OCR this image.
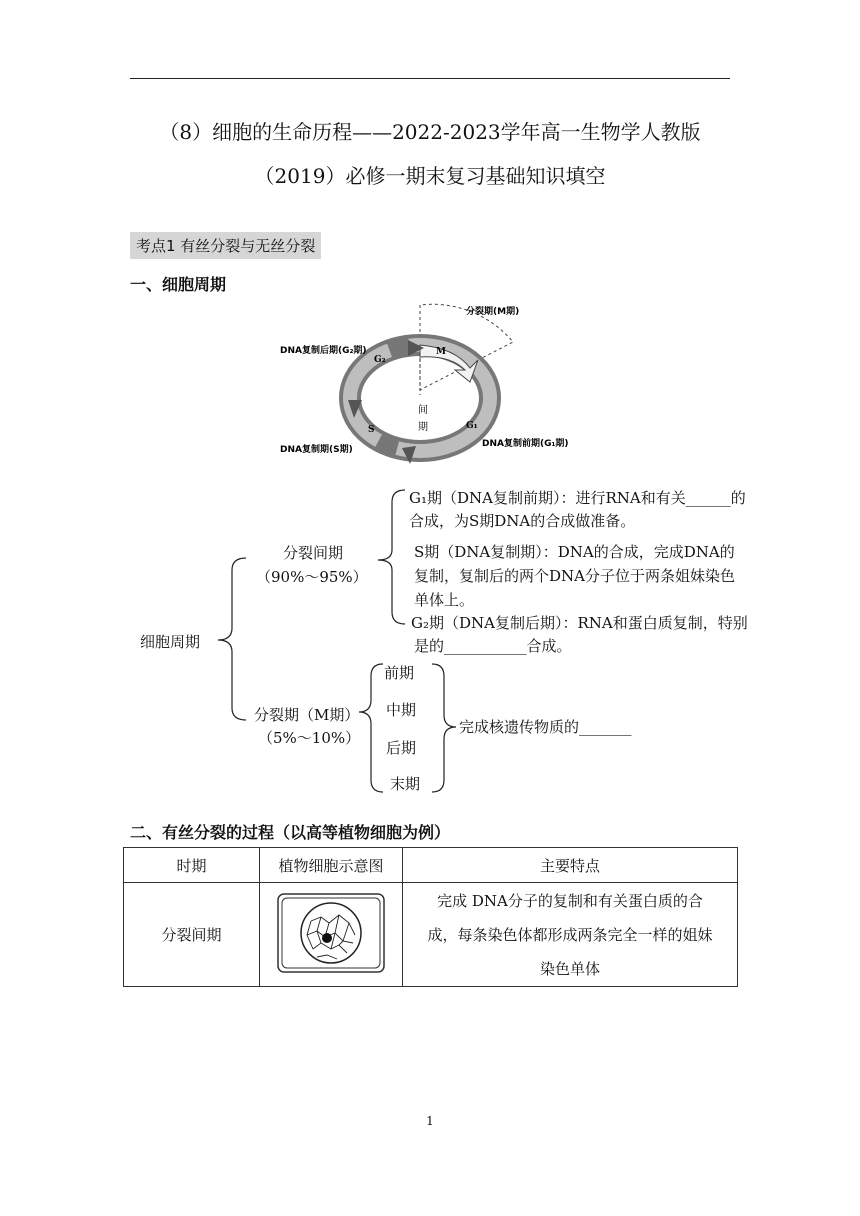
（8）细胞的生命历程——2022-2023学年高一生物学人教版
（2019）必修一期末复习基础知识填空
考点1 有丝分裂与无丝分裂
一、细胞周期
DNA复制后期(G₂期)
分裂期(M期)
DNA复制期(S期)
DNA复制前期(G₁期)
M
G₂
S	G₁
间
期
细胞周期
分裂间期
（90%～95%）
G₁期（DNA复制前期）：进行RNA和有关______的
合成，为S期DNA的合成做准备。
S期（DNA复制期）：DNA的合成，完成DNA的
复制，复制后的两个DNA分子位于两条姐妹染色
单体上。
G₂期（DNA复制后期）：RNA和蛋白质复制，特别
是的___________合成。
分裂期（M期）
（5%～10%）
前期
中期
后期
末期
完成核遗传物质的_______
二、有丝分裂的过程（以高等植物细胞为例）
时期	植物细胞示意图	主要特点
分裂间期		完成 DNA分子的复制和有关蛋白质的合
成，每条染色体都形成两条完全一样的姐妹
染色单体
1
